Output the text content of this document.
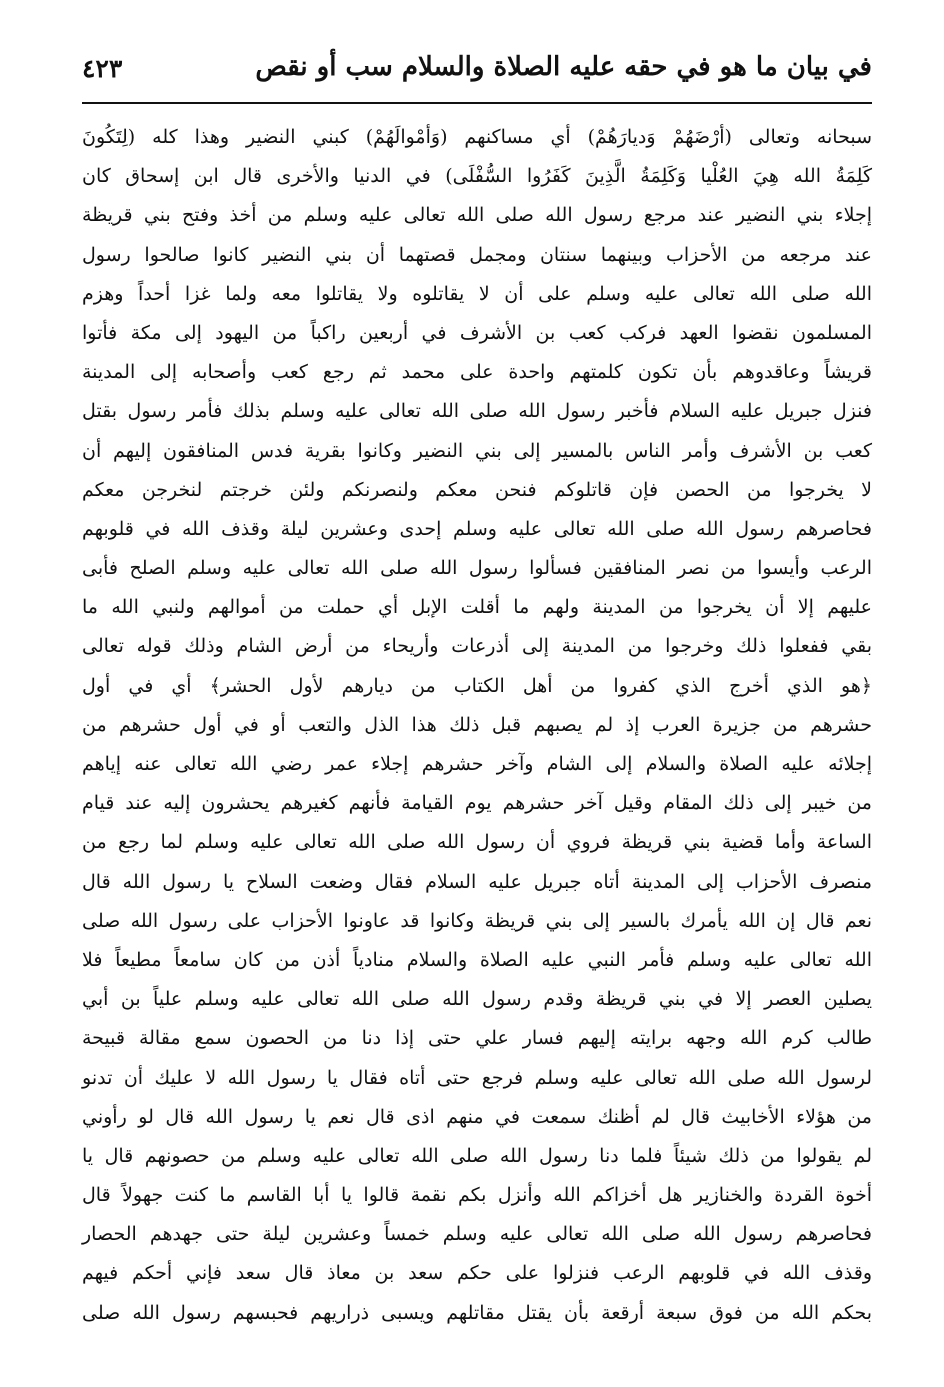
في بيان ما هو في حقه عليه الصلاة والسلام سب أو نقص
٤٢٣
سبحانه وتعالى (أرْضَهُمْ وَديارَهُمْ) أي مساكنهم (وَأمْوالَهُمْ) كبني النضير وهذا كله (لِتَكُونَ
كَلِمَةُ الله هِيَ العُلْيا وَكَلِمَةُ الَّذِينَ كَفَرُوا السُّفْلَى) في الدنيا والأخرى قال ابن إسحاق كان
إجلاء بني النضير عند مرجع رسول الله صلى الله تعالى عليه وسلم من أخذ وفتح بني قريظة
عند مرجعه من الأحزاب وبينهما سنتان ومجمل قصتهما أن بني النضير كانوا صالحوا رسول
الله صلى الله تعالى عليه وسلم على أن لا يقاتلوه ولا يقاتلوا معه ولما غزا أحداً وهزم
المسلمون نقضوا العهد فركب كعب بن الأشرف في أربعين راكباً من اليهود إلى مكة فأتوا
قريشاً وعاقدوهم بأن تكون كلمتهم واحدة على محمد ثم رجع كعب وأصحابه إلى المدينة
فنزل جبريل عليه السلام فأخبر رسول الله صلى الله تعالى عليه وسلم بذلك فأمر رسول بقتل
كعب بن الأشرف وأمر الناس بالمسير إلى بني النضير وكانوا بقرية فدس المنافقون إليهم أن
لا يخرجوا من الحصن فإن قاتلوكم فنحن معكم ولنصرنكم ولئن خرجتم لنخرجن معكم
فحاصرهم رسول الله صلى الله تعالى عليه وسلم إحدى وعشرين ليلة وقذف الله في قلوبهم
الرعب وأيسوا من نصر المنافقين فسألوا رسول الله صلى الله تعالى عليه وسلم الصلح فأبى
عليهم إلا أن يخرجوا من المدينة ولهم ما أقلت الإبل أي حملت من أموالهم ولنبي الله ما
بقي ففعلوا ذلك وخرجوا من المدينة إلى أذرعات وأريحاء من أرض الشام وذلك قوله تعالى
﴿هو الذي أخرج الذي كفروا من أهل الكتاب من ديارهم لأول الحشر﴾ أي في أول
حشرهم من جزيرة العرب إذ لم يصبهم قبل ذلك هذا الذل والتعب أو في أول حشرهم من
إجلائه عليه الصلاة والسلام إلى الشام وآخر حشرهم إجلاء عمر رضي الله تعالى عنه إياهم
من خيبر إلى ذلك المقام وقيل آخر حشرهم يوم القيامة فأنهم كغيرهم يحشرون إليه عند قيام
الساعة وأما قضية بني قريظة فروي أن رسول الله صلى الله تعالى عليه وسلم لما رجع من
منصرف الأحزاب إلى المدينة أتاه جبريل عليه السلام فقال وضعت السلاح يا رسول الله قال
نعم قال إن الله يأمرك بالسير إلى بني قريظة وكانوا قد عاونوا الأحزاب على رسول الله صلى
الله تعالى عليه وسلم فأمر النبي عليه الصلاة والسلام منادياً أذن من كان سامعاً مطيعاً فلا
يصلين العصر إلا في بني قريظة وقدم رسول الله صلى الله تعالى عليه وسلم علياً بن أبي
طالب كرم الله وجهه برايته إليهم فسار علي حتى إذا دنا من الحصون سمع مقالة قبيحة
لرسول الله صلى الله تعالى عليه وسلم فرجع حتى أتاه فقال يا رسول الله لا عليك أن تدنو
من هؤلاء الأخابيث قال لم أظنك سمعت في منهم اذى قال نعم يا رسول الله قال لو رأوني
لم يقولوا من ذلك شيئاً فلما دنا رسول الله صلى الله تعالى عليه وسلم من حصونهم قال يا
أخوة القردة والخنازير هل أخزاكم الله وأنزل بكم نقمة قالوا يا أبا القاسم ما كنت جهولاً قال
فحاصرهم رسول الله صلى الله تعالى عليه وسلم خمساً وعشرين ليلة حتى جهدهم الحصار
وقذف الله في قلوبهم الرعب فنزلوا على حكم سعد بن معاذ قال سعد فإني أحكم فيهم
بحكم الله من فوق سبعة أرقعة بأن يقتل مقاتلهم ويسبى ذراريهم فحبسهم رسول الله صلى
